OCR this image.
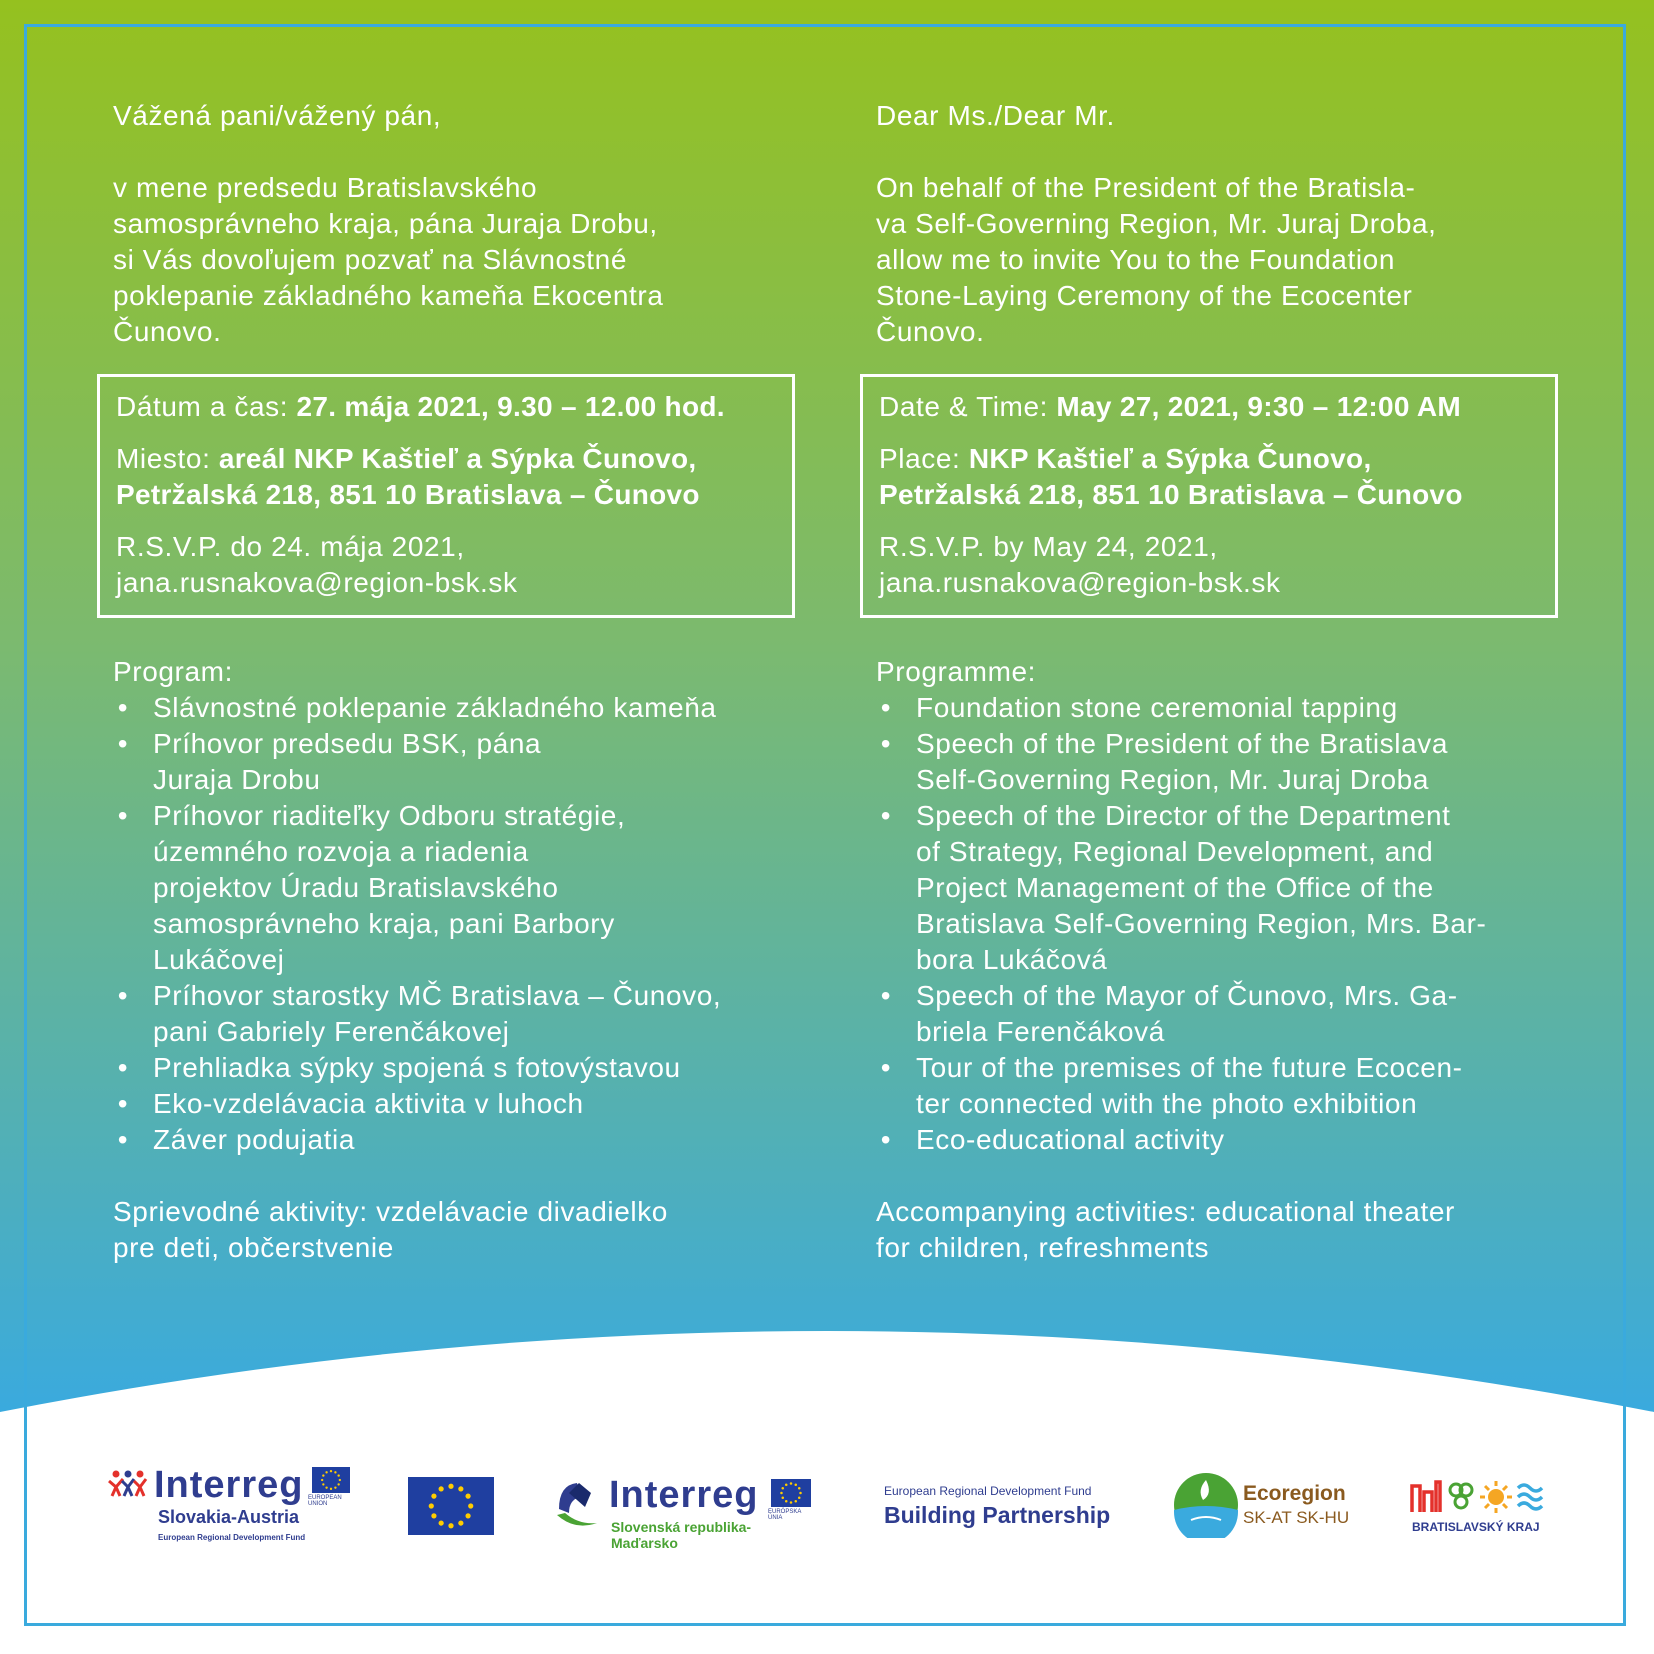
Vážená pani/vážený pán,

v mene predsedu Bratislavského

samosprávneho kraja, pána Juraja Drobu,

si Vás dovoľujem pozvať na Slávnostné

poklepanie základného kameňa Ekocentra

Čunovo.

Dátum a čas: 27. mája 2021, 9.30 – 12.00 hod.
Miesto: areál NKP Kaštieľ a Sýpka Čunovo,
Petržalská 218, 851 10 Bratislava – Čunovo
R.S.V.P. do 24. mája 2021,
jana.rusnakova@region-bsk.sk

Program:

• Slávnostné poklepanie základného kameňa
• Príhovor predsedu BSK, pána
Juraja Drobu
• Príhovor riaditeľky Odboru stratégie,
územného rozvoja a riadenia
projektov Úradu Bratislavského
samosprávneho kraja, pani Barbory
Lukáčovej
• Príhovor starostky MČ Bratislava – Čunovo,
pani Gabriely Ferenčákovej
• Prehliadka sýpky spojená s fotovýstavou
• Eko-vzdelávacia aktivita v luhoch
• Záver podujatia

Sprievodné aktivity: vzdelávacie divadielko

pre deti, občerstvenie

Dear Ms./Dear Mr.

On behalf of the President of the Bratisla-

va Self-Governing Region, Mr. Juraj Droba,

allow me to invite You to the Foundation

Stone-Laying Ceremony of the Ecocenter

Čunovo.

Date & Time: May 27, 2021, 9:30 – 12:00 AM
Place: NKP Kaštieľ a Sýpka Čunovo,
Petržalská 218, 851 10 Bratislava – Čunovo
R.S.V.P. by May 24, 2021,
jana.rusnakova@region-bsk.sk

Programme:

• Foundation stone ceremonial tapping
• Speech of the President of the Bratislava
Self-Governing Region, Mr. Juraj Droba
• Speech of the Director of the Department
of Strategy, Regional Development, and
Project Management of the Office of the
Bratislava Self-Governing Region, Mrs. Bar-
bora Lukáčová
• Speech of the Mayor of Čunovo, Mrs. Ga-
briela Ferenčáková
• Tour of the premises of the future Ecocen-
ter connected with the photo exhibition
• Eco-educational activity

Accompanying activities: educational theater

for children, refreshments

Interreg EUROPEAN UNION
Slovakia-Austria
European Regional Development Fund
Interreg EURÓPSKA ÚNIA
Slovenská republika-Maďarsko
European Regional Development Fund
Building Partnership
Ecoregion
SK-AT SK-HU	BRATISLAVSKÝ KRAJ
